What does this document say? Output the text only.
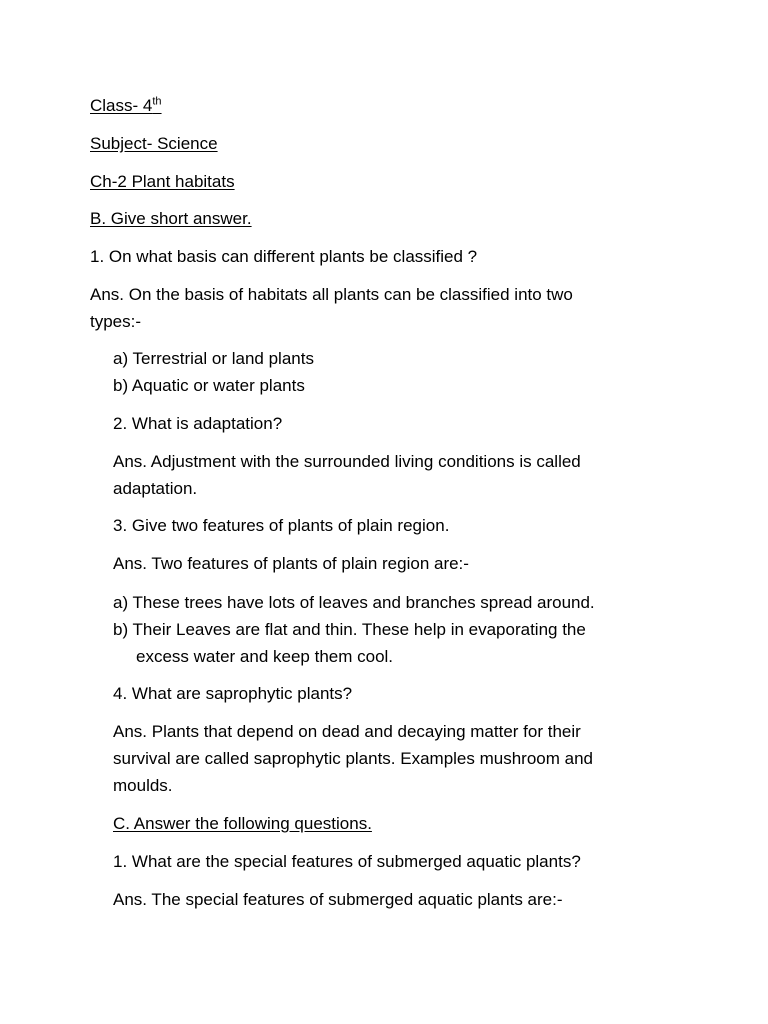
Class- 4th

Subject- Science

Ch-2 Plant habitats

B. Give short answer.

1. On what basis can different plants be classified ?

Ans. On the basis of habitats all plants can be classified into two

types:-

a) Terrestrial or land plants

b) Aquatic or water plants

2. What is adaptation?

Ans. Adjustment with the surrounded living conditions is called

adaptation.

3. Give two features of plants of plain region.

Ans. Two features of plants of plain region are:-

a) These trees have lots of leaves and branches spread around.

b) Their Leaves are flat and thin. These help in evaporating the

excess water and keep them cool.

4. What are saprophytic plants?

Ans. Plants that depend on dead and decaying matter for their

survival are called saprophytic plants. Examples mushroom and

moulds.

C. Answer the following questions.

1. What are the special features of submerged aquatic plants?

Ans. The special features of submerged aquatic plants are:-
